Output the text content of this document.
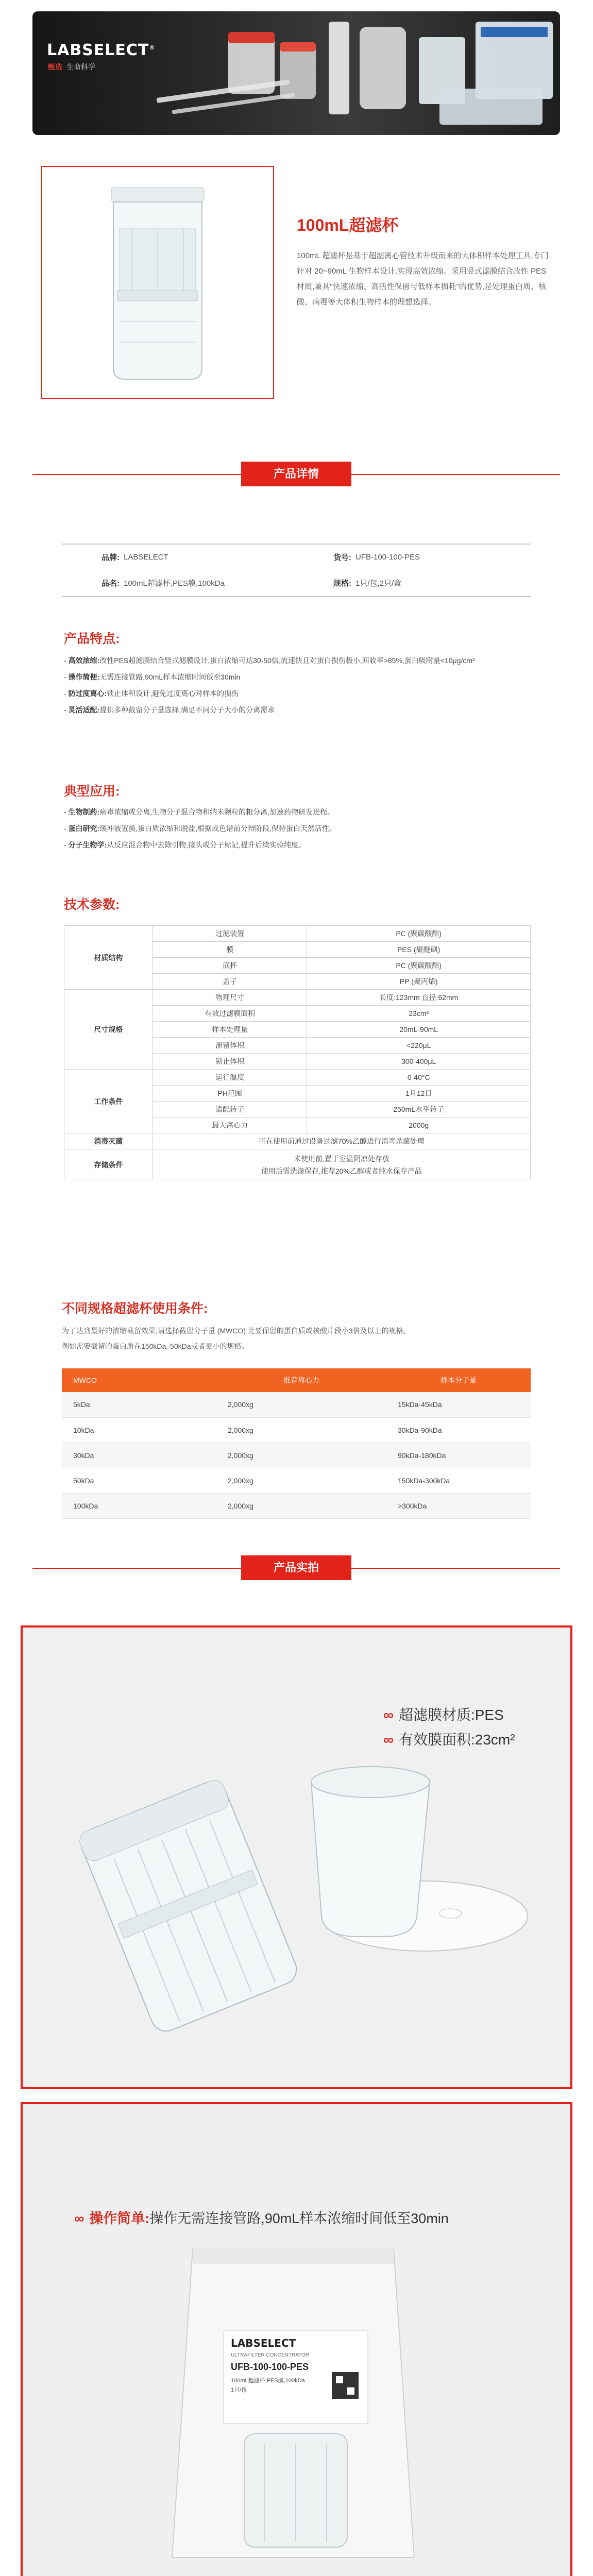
LABSELECT®
甄选 生命科学
100mL超滤杯
100mL 超滤杯是基于超滤离心管技术升级而来的大体积样本处理工具,专门针对 20~90mL 生物样本设计,实现高效浓缩。采用竖式滤膜结合改性 PES 材质,兼具"快速浓缩、高活性保留与低样本损耗"的优势,是处理蛋白质、核酸、病毒等大体积生物样本的理想选择。
产品详情
品牌: LABSELECT	货号: UFB-100-100-PES
品名: 100mL超滤杯,PES膜,100kDa	规格: 1只/包,2只/盒
产品特点:
- 高效浓缩:改性PES超滤膜结合竖式滤膜设计,蛋白浓缩可达30-50倍,流速快且对蛋白损伤极小,回收率>85%,蛋白吸附量<10μg/cm²
- 操作简便:无需连接管路,90mL样本浓缩时间低至30min
- 防过度离心:锁止体积设计,避免过度离心对样本的损伤
- 灵活适配:提供多种截留分子量选择,满足不同分子大小的分离需求
典型应用:
- 生物制药:病毒浓缩或分离,生物分子混合物和纳米颗粒的粗分离,加速药物研发进程。
- 蛋白研究:缓冲液置换,蛋白质浓缩和脱盐,根据或色谱前分辩阶段,保持蛋白天然活性。
- 分子生物学:从反应混合物中去除引物,接头或分子标记,提升后续实验纯度。
技术参数:
材质结构	过滤装置	PC (聚碳酸酯)
	膜	PES (聚醚砜)
	底杯	PC (聚碳酸酯)
	盖子	PP (聚丙烯)
尺寸规格	物理尺寸	长度:123mm 直径:62mm
	有效过滤膜面积	23cm²
	样本处理量	20mL-90mL
	滞留体积	<220μL
	锁止体积	300-400μL
工作条件	运行温度	0-40°C
	PH范围	1月12日
	适配转子	250mL水平转子
	最大离心力	2000g
消毒灭菌	可在使用前通过设备过滤70%乙醇进行消毒杀菌处理	
存储条件	未使用前,置于室温阴凉处存放
使用后需洗涤保存,推荐20%乙醇或者纯水保存产品	
不同规格超滤杯使用条件:
为了达到最好的浓缩截留效果,请选择截留分子量 (MWCO) 比要保留的蛋白质或核酸片段小3倍及以上的规格。
例如需要截留的蛋白质在150kDa, 50kDa或者更小的规格。
MWCO	推荐离心力	样本分子量
5kDa	2,000xg	15kDa-45kDa
10kDa	2,000xg	30kDa-90kDa
30kDa	2,000xg	90kDa-180kDa
50kDa	2,000xg	150kDa-300kDa
100kDa	2,000xg	>300kDa
产品实拍
∞ 超滤膜材质:PES
∞ 有效膜面积:23cm²
∞ 操作简单:操作无需连接管路,90mL样本浓缩时间低至30min
LABSELECT
ULTRAFILTER CONCENTRATOR
UFB-100-100-PES
100mL超滤杯,PES膜,100kDa
1只/包
